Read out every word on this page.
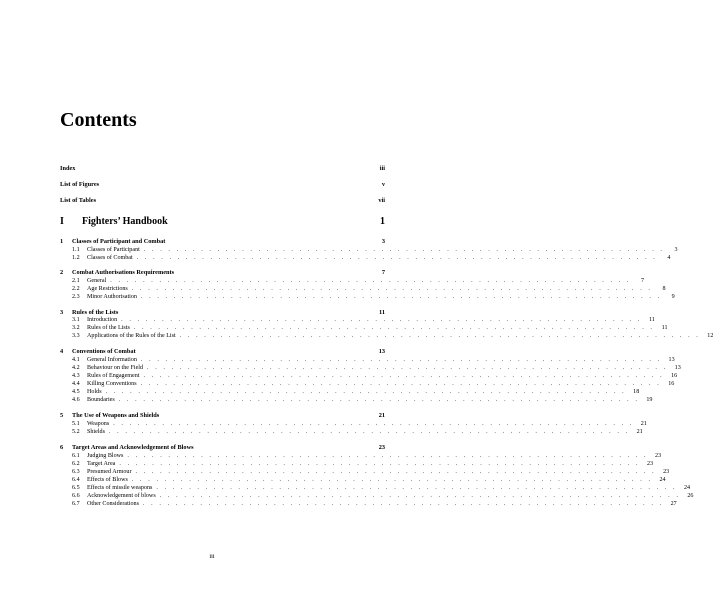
Contents
Index	iii
List of Figures	v
List of Tables	vii
I	Fighters’ Handbook	1
1	Classes of Participant and Combat	3
1.1	Classes of Participant . . . . . . . . . . . . . . . . . . . . . . . . . . . . . . . . . . . . . . . . . . . . . . . . . . . . . . . . . . . . . . . .	3
1.2	Classes of Combat . . . . . . . . . . . . . . . . . . . . . . . . . . . . . . . . . . . . . . . . . . . . . . . . . . . . . . . . . . . . . . . .	4
2	Combat Authorisations Requirements	7
2.1	General . . . . . . . . . . . . . . . . . . . . . . . . . . . . . . . . . . . . . . . . . . . . . . . . . . . . . . . . . . . . . . . .	7
2.2	Age Restrictions . . . . . . . . . . . . . . . . . . . . . . . . . . . . . . . . . . . . . . . . . . . . . . . . . . . . . . . . . . . . . . . .	8
2.3	Minor Authorisation . . . . . . . . . . . . . . . . . . . . . . . . . . . . . . . . . . . . . . . . . . . . . . . . . . . . . . . . . . . . . . . .	9
3	Rules of the Lists	11
3.1	Introduction . . . . . . . . . . . . . . . . . . . . . . . . . . . . . . . . . . . . . . . . . . . . . . . . . . . . . . . . . . . . . . . .	11
3.2	Rules of the Lists . . . . . . . . . . . . . . . . . . . . . . . . . . . . . . . . . . . . . . . . . . . . . . . . . . . . . . . . . . . . . . . .	11
3.3	Applications of the Rules of the List . . . . . . . . . . . . . . . . . . . . . . . . . . . . . . . . . . . . . . . . . . . . . . . . . . . . . . . . . . . . . . . .	12
4	Conventions of Combat	13
4.1	General Information . . . . . . . . . . . . . . . . . . . . . . . . . . . . . . . . . . . . . . . . . . . . . . . . . . . . . . . . . . . . . . . .	13
4.2	Behaviour on the Field . . . . . . . . . . . . . . . . . . . . . . . . . . . . . . . . . . . . . . . . . . . . . . . . . . . . . . . . . . . . . . . .	13
4.3	Rules of Engagement . . . . . . . . . . . . . . . . . . . . . . . . . . . . . . . . . . . . . . . . . . . . . . . . . . . . . . . . . . . . . . . .	16
4.4	Killing Conventions . . . . . . . . . . . . . . . . . . . . . . . . . . . . . . . . . . . . . . . . . . . . . . . . . . . . . . . . . . . . . . . .	16
4.5	Holds . . . . . . . . . . . . . . . . . . . . . . . . . . . . . . . . . . . . . . . . . . . . . . . . . . . . . . . . . . . . . . . .	18
4.6	Boundaries . . . . . . . . . . . . . . . . . . . . . . . . . . . . . . . . . . . . . . . . . . . . . . . . . . . . . . . . . . . . . . . .	19
5	The Use of Weapons and Shields	21
5.1	Weapons . . . . . . . . . . . . . . . . . . . . . . . . . . . . . . . . . . . . . . . . . . . . . . . . . . . . . . . . . . . . . . . .	21
5.2	Shields . . . . . . . . . . . . . . . . . . . . . . . . . . . . . . . . . . . . . . . . . . . . . . . . . . . . . . . . . . . . . . . .	21
6	Target Areas and Acknowledgement of Blows	23
6.1	Judging Blows . . . . . . . . . . . . . . . . . . . . . . . . . . . . . . . . . . . . . . . . . . . . . . . . . . . . . . . . . . . . . . . .	23
6.2	Target Area . . . . . . . . . . . . . . . . . . . . . . . . . . . . . . . . . . . . . . . . . . . . . . . . . . . . . . . . . . . . . . . .	23
6.3	Presumed Armour . . . . . . . . . . . . . . . . . . . . . . . . . . . . . . . . . . . . . . . . . . . . . . . . . . . . . . . . . . . . . . . .	23
6.4	Effects of Blows . . . . . . . . . . . . . . . . . . . . . . . . . . . . . . . . . . . . . . . . . . . . . . . . . . . . . . . . . . . . . . . .	24
6.5	Effects of missile weapons . . . . . . . . . . . . . . . . . . . . . . . . . . . . . . . . . . . . . . . . . . . . . . . . . . . . . . . . . . . . . . . .	24
6.6	Acknowledgement of blows . . . . . . . . . . . . . . . . . . . . . . . . . . . . . . . . . . . . . . . . . . . . . . . . . . . . . . . . . . . . . . . .	26
6.7	Other Considerations . . . . . . . . . . . . . . . . . . . . . . . . . . . . . . . . . . . . . . . . . . . . . . . . . . . . . . . . . . . . . . . .	27
iii
